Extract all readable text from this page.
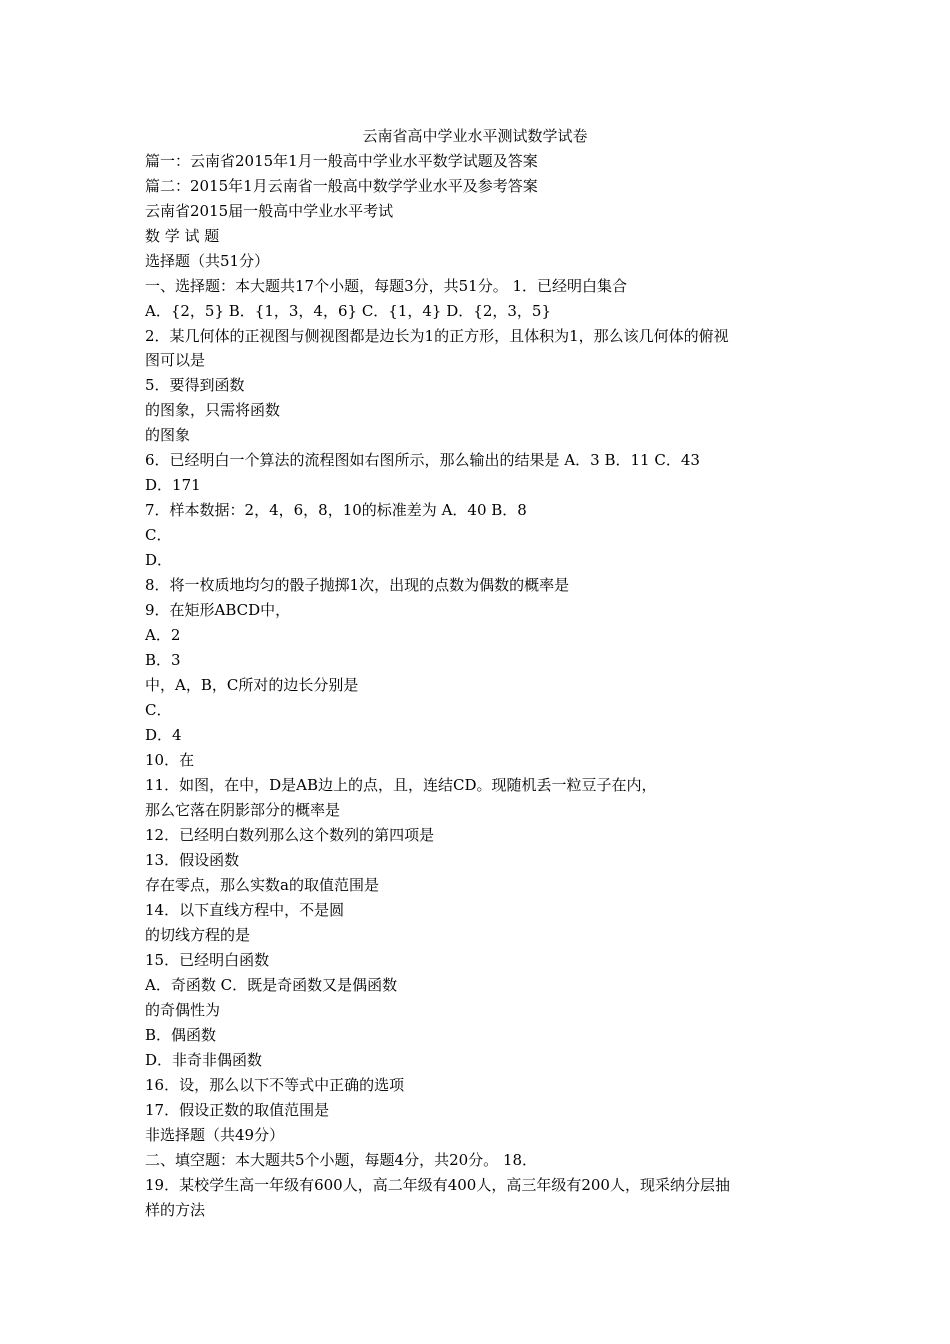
云南省高中学业水平测试数学试卷
篇一：云南省2015年1月一般高中学业水平数学试题及答案
篇二：2015年1月云南省一般高中数学学业水平及参考答案
云南省2015届一般高中学业水平考试
数 学 试 题
选择题（共51分）
一、选择题：本大题共17个小题，每题3分，共51分。 1．已经明白集合
A．{2，5} B．{1，3，4，6} C．{1，4} D．{2，3，5}
2．某几何体的正视图与侧视图都是边长为1的正方形，且体积为1，那么该几何体的俯视
图可以是
5．要得到函数
的图象，只需将函数
的图象
6．已经明白一个算法的流程图如右图所示，那么输出的结果是 A．3 B．11 C．43
D．171
7．样本数据：2，4，6，8，10的标准差为 A．40 B．8
C．
D．
8．将一枚质地均匀的骰子抛掷1次，出现的点数为偶数的概率是
9．在矩形ABCD中，
A．2
B．3
中，A，B，C所对的边长分别是
C．
D．4
10．在
11．如图，在中，D是AB边上的点，且，连结CD。现随机丢一粒豆子在内，
那么它落在阴影部分的概率是
12．已经明白数列那么这个数列的第四项是
13．假设函数
存在零点，那么实数a的取值范围是
14．以下直线方程中，不是圆
的切线方程的是
15．已经明白函数
A．奇函数 C．既是奇函数又是偶函数
的奇偶性为
B．偶函数
D．非奇非偶函数
16．设，那么以下不等式中正确的选项
17．假设正数的取值范围是
非选择题（共49分）
二、填空题：本大题共5个小题，每题4分，共20分。 18．
19．某校学生高一年级有600人，高二年级有400人，高三年级有200人，现采纳分层抽
样的方法
